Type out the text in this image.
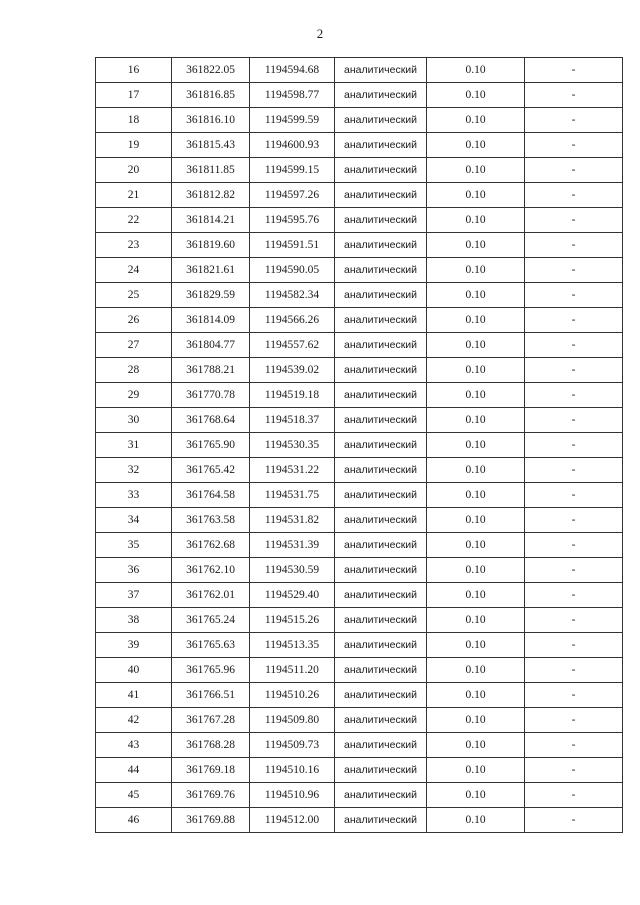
2
16	361822.05	1194594.68	аналитический	0.10	-
17	361816.85	1194598.77	аналитический	0.10	-
18	361816.10	1194599.59	аналитический	0.10	-
19	361815.43	1194600.93	аналитический	0.10	-
20	361811.85	1194599.15	аналитический	0.10	-
21	361812.82	1194597.26	аналитический	0.10	-
22	361814.21	1194595.76	аналитический	0.10	-
23	361819.60	1194591.51	аналитический	0.10	-
24	361821.61	1194590.05	аналитический	0.10	-
25	361829.59	1194582.34	аналитический	0.10	-
26	361814.09	1194566.26	аналитический	0.10	-
27	361804.77	1194557.62	аналитический	0.10	-
28	361788.21	1194539.02	аналитический	0.10	-
29	361770.78	1194519.18	аналитический	0.10	-
30	361768.64	1194518.37	аналитический	0.10	-
31	361765.90	1194530.35	аналитический	0.10	-
32	361765.42	1194531.22	аналитический	0.10	-
33	361764.58	1194531.75	аналитический	0.10	-
34	361763.58	1194531.82	аналитический	0.10	-
35	361762.68	1194531.39	аналитический	0.10	-
36	361762.10	1194530.59	аналитический	0.10	-
37	361762.01	1194529.40	аналитический	0.10	-
38	361765.24	1194515.26	аналитический	0.10	-
39	361765.63	1194513.35	аналитический	0.10	-
40	361765.96	1194511.20	аналитический	0.10	-
41	361766.51	1194510.26	аналитический	0.10	-
42	361767.28	1194509.80	аналитический	0.10	-
43	361768.28	1194509.73	аналитический	0.10	-
44	361769.18	1194510.16	аналитический	0.10	-
45	361769.76	1194510.96	аналитический	0.10	-
46	361769.88	1194512.00	аналитический	0.10	-
